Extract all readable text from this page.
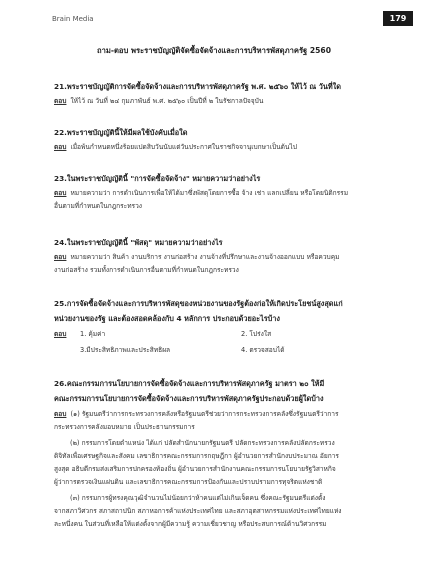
Brain Media	179
ถาม-ตอบ พระราชบัญญัติจัดซื้อจัดจ้างและการบริหารพัสดุภาครัฐ 2560
21.พระราชบัญญัติการจัดซื้อจัดจ้างและการบริหารพัสดุภาครัฐ พ.ศ. ๒๕๖๐ ให้ไว้ ณ วันที่ใด
ตอบ ให้ไว้ ณ วันที่ ๒๔ กุมภาพันธ์ พ.ศ. ๒๕๖๐ เป็นปีที่ ๒ ในรัชกาลปัจจุบัน
22.พระราชบัญญัตินี้ให้มีผลใช้บังคับเมื่อใด
ตอบ เมื่อพ้นกำหนดหนึ่งร้อยแปดสิบวันนับแต่วันประกาศในราชกิจจานุเบกษาเป็นต้นไป
23.ในพระราชบัญญัตินี้ "การจัดซื้อจัดจ้าง" หมายความว่าอย่างไร
ตอบ หมายความว่า การดำเนินการเพื่อให้ได้มาซึ่งพัสดุโดยการซื้อ จ้าง เช่า แลกเปลี่ยน หรือโดยนิติกรรม
อื่นตามที่กำหนดในกฎกระทรวง
24.ในพระราชบัญญัตินี้ "พัสดุ" หมายความว่าอย่างไร
ตอบ หมายความว่า สินค้า งานบริการ งานก่อสร้าง งานจ้างที่ปรึกษาและงานจ้างออกแบบ หรือควบคุม
งานก่อสร้าง รวมทั้งการดำเนินการอื่นตามที่กำหนดในกฎกระทรวง
25.การจัดซื้อจัดจ้างและการบริหารพัสดุของหน่วยงานของรัฐต้องก่อให้เกิดประโยชน์สูงสุดแก่
หน่วยงานของรัฐ และต้องสอดคล้องกับ 4 หลักการ ประกอบด้วยอะไรบ้าง
ตอบ 1. คุ้มค่า	2. โปร่งใส
3.มีประสิทธิภาพและประสิทธิผล	4. ตรวจสอบได้
26.คณะกรรมการนโยบายการจัดซื้อจัดจ้างและการบริหารพัสดุภาครัฐ มาตรา ๒๐ ให้มี
คณะกรรมการนโยบายการจัดซื้อจัดจ้างและการบริหารพัสดุภาครัฐประกอบด้วยผู้ใดบ้าง
ตอบ (๑) รัฐมนตรีว่าการกระทรวงการคลังหรือรัฐมนตรีช่วยว่าการกระทรวงการคลังซึ่งรัฐมนตรีว่าการ
กระทรวงการคลังมอบหมาย เป็นประธานกรรมการ
(๒) กรรมการโดยตำแหน่ง ได้แก่ ปลัดสำนักนายกรัฐมนตรี ปลัดกระทรวงการคลังปลัดกระทรวง
ดิจิทัลเพื่อเศรษฐกิจและสังคม เลขาธิการคณะกรรมการกฤษฎีกา ผู้อำนวยการสำนักงบประมาณ อัยการ
สูงสุด อธิบดีกรมส่งเสริมการปกครองท้องถิ่น ผู้อำนวยการสำนักงานคณะกรรมการนโยบายรัฐวิสาหกิจ
ผู้ว่าการตรวจเงินแผ่นดิน และเลขาธิการคณะกรรมการป้องกันและปราบปรามการทุจริตแห่งชาติ
(๓) กรรมการผู้ทรงคุณวุฒิจำนวนไม่น้อยกว่าห้าคนแต่ไม่เกินเจ็ดคน ซึ่งคณะรัฐมนตรีแต่งตั้ง
จากสภาวิศวกร สภาสถาปนิก สภาหอการค้าแห่งประเทศไทย และสภาอุตสาหกรรมแห่งประเทศไทยแห่ง
ละหนึ่งคน ในส่วนที่เหลือให้แต่งตั้งจากผู้มีความรู้ ความเชี่ยวชาญ หรือประสบการณ์ด้านวิศวกรรม
